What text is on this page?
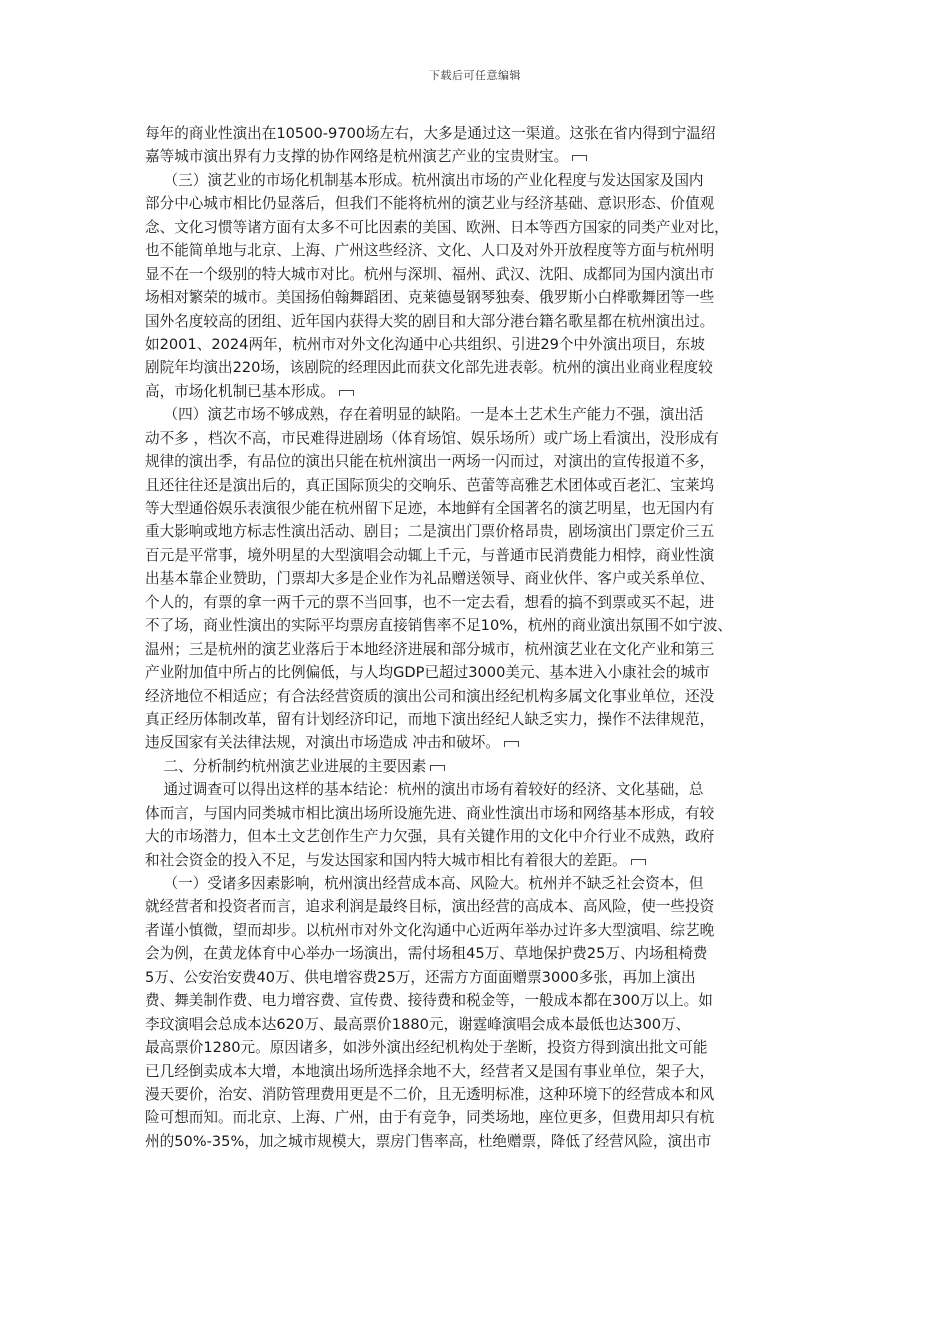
下载后可任意编辑
每年的商业性演出在10500-9700场左右，大多是通过这一渠道。这张在省内得到宁温绍
嘉等城市演出界有力支撑的协作网络是杭州演艺产业的宝贵财宝。
（三）演艺业的市场化机制基本形成。杭州演出市场的产业化程度与发达国家及国内
部分中心城市相比仍显落后，但我们不能将杭州的演艺业与经济基础、意识形态、价值观
念、文化习惯等诸方面有太多不可比因素的美国、欧洲、日本等西方国家的同类产业对比，
也不能简单地与北京、上海、广州这些经济、文化、人口及对外开放程度等方面与杭州明
显不在一个级别的特大城市对比。杭州与深圳、福州、武汉、沈阳、成都同为国内演出市
场相对繁荣的城市。美国扬伯翰舞蹈团、克莱德曼钢琴独奏、俄罗斯小白桦歌舞团等一些
国外名度较高的团组、近年国内获得大奖的剧目和大部分港台籍名歌星都在杭州演出过。
如2001、2024两年，杭州市对外文化沟通中心共组织、引进29个中外演出项目，东坡
剧院年均演出220场，该剧院的经理因此而获文化部先进表彰。杭州的演出业商业程度较
高，市场化机制已基本形成。
（四）演艺市场不够成熟，存在着明显的缺陷。一是本土艺术生产能力不强，演出活
动不多 ，档次不高，市民难得进剧场（体育场馆、娱乐场所）或广场上看演出，没形成有
规律的演出季，有品位的演出只能在杭州演出一两场一闪而过，对演出的宣传报道不多，
且还往往还是演出后的，真正国际顶尖的交响乐、芭蕾等高雅艺术团体或百老汇、宝莱坞
等大型通俗娱乐表演很少能在杭州留下足迹，本地鲜有全国著名的演艺明星，也无国内有
重大影响或地方标志性演出活动、剧目；二是演出门票价格昂贵，剧场演出门票定价三五
百元是平常事，境外明星的大型演唱会动辄上千元，与普通市民消费能力相悖，商业性演
出基本靠企业赞助，门票却大多是企业作为礼品赠送领导、商业伙伴、客户或关系单位、
个人的，有票的拿一两千元的票不当回事，也不一定去看，想看的搞不到票或买不起，进
不了场，商业性演出的实际平均票房直接销售率不足10%，杭州的商业演出氛围不如宁波、
温州；三是杭州的演艺业落后于本地经济进展和部分城市，杭州演艺业在文化产业和第三
产业附加值中所占的比例偏低，与人均GDP已超过3000美元、基本进入小康社会的城市
经济地位不相适应；有合法经营资质的演出公司和演出经纪机构多属文化事业单位，还没
真正经历体制改革，留有计划经济印记，而地下演出经纪人缺乏实力，操作不法律规范，
违反国家有关法律法规，对演出市场造成 冲击和破坏。
二、分析制约杭州演艺业进展的主要因素
通过调查可以得出这样的基本结论：杭州的演出市场有着较好的经济、文化基础，总
体而言，与国内同类城市相比演出场所设施先进、商业性演出市场和网络基本形成，有较
大的市场潜力，但本土文艺创作生产力欠强，具有关键作用的文化中介行业不成熟，政府
和社会资金的投入不足，与发达国家和国内特大城市相比有着很大的差距。
（一）受诸多因素影响，杭州演出经营成本高、风险大。杭州并不缺乏社会资本，但
就经营者和投资者而言，追求利润是最终目标，演出经营的高成本、高风险，使一些投资
者谨小慎微，望而却步。以杭州市对外文化沟通中心近两年举办过许多大型演唱、综艺晚
会为例，在黄龙体育中心举办一场演出，需付场租45万、草地保护费25万、内场租椅费
5万、公安治安费40万、供电增容费25万，还需方方面面赠票3000多张，再加上演出
费、舞美制作费、电力增容费、宣传费、接待费和税金等，一般成本都在300万以上。如
李玟演唱会总成本达620万、最高票价1880元，谢霆峰演唱会成本最低也达300万、
最高票价1280元。原因诸多，如涉外演出经纪机构处于垄断，投资方得到演出批文可能
已几经倒卖成本大增，本地演出场所选择余地不大，经营者又是国有事业单位，架子大，
漫天要价，治安、消防管理费用更是不二价，且无透明标准，这种环境下的经营成本和风
险可想而知。而北京、上海、广州，由于有竞争，同类场地，座位更多，但费用却只有杭
州的50%-35%，加之城市规模大，票房门售率高，杜绝赠票，降低了经营风险，演出市
